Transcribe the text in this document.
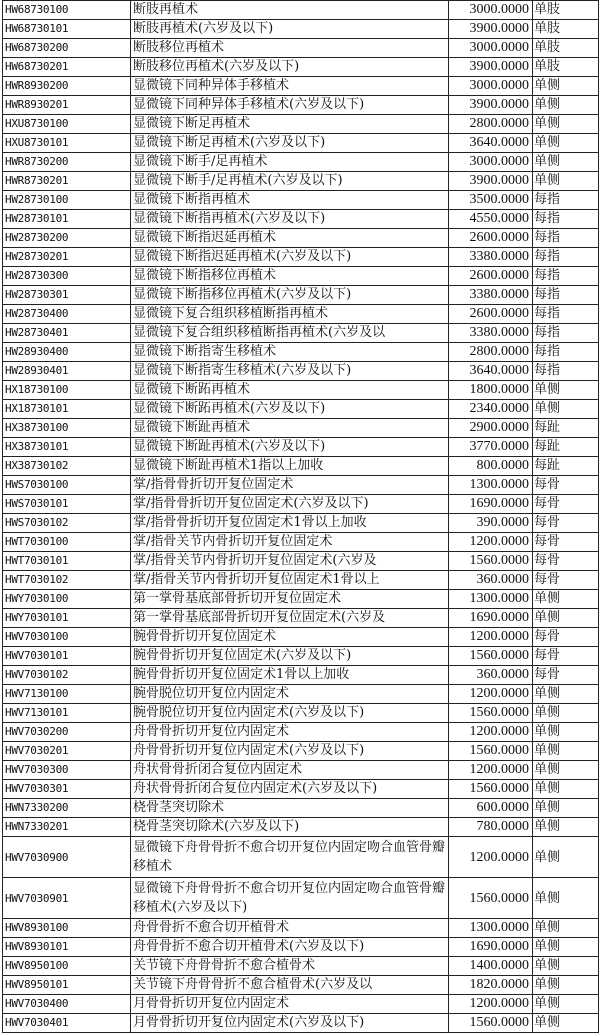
HW68730100	断肢再植术	3000.0000	单肢
HW68730101	断肢再植术(六岁及以下)	3900.0000	单肢
HW68730200	断肢移位再植术	3000.0000	单肢
HW68730201	断肢移位再植术(六岁及以下)	3900.0000	单肢
HWR8930200	显微镜下同种异体手移植术	3000.0000	单侧
HWR8930201	显微镜下同种异体手移植术(六岁及以下)	3900.0000	单侧
HXU8730100	显微镜下断足再植术	2800.0000	单侧
HXU8730101	显微镜下断足再植术(六岁及以下)	3640.0000	单侧
HWR8730200	显微镜下断手/足再植术	3000.0000	单侧
HWR8730201	显微镜下断手/足再植术(六岁及以下)	3900.0000	单侧
HW28730100	显微镜下断指再植术	3500.0000	每指
HW28730101	显微镜下断指再植术(六岁及以下)	4550.0000	每指
HW28730200	显微镜下断指迟延再植术	2600.0000	每指
HW28730201	显微镜下断指迟延再植术(六岁及以下)	3380.0000	每指
HW28730300	显微镜下断指移位再植术	2600.0000	每指
HW28730301	显微镜下断指移位再植术(六岁及以下)	3380.0000	每指
HW28730400	显微镜下复合组织移植断指再植术	2600.0000	每指
HW28730401	显微镜下复合组织移植断指再植术(六岁及以	3380.0000	每指
HW28930400	显微镜下断指寄生移植术	2800.0000	每指
HW28930401	显微镜下断指寄生移植术(六岁及以下)	3640.0000	每指
HX18730100	显微镜下断跖再植术	1800.0000	单侧
HX18730101	显微镜下断跖再植术(六岁及以下)	2340.0000	单侧
HX38730100	显微镜下断趾再植术	2900.0000	每趾
HX38730101	显微镜下断趾再植术(六岁及以下)	3770.0000	每趾
HX38730102	显微镜下断趾再植术1指以上加收	800.0000	每趾
HWS7030100	掌/指骨骨折切开复位固定术	1300.0000	每骨
HWS7030101	掌/指骨骨折切开复位固定术(六岁及以下)	1690.0000	每骨
HWS7030102	掌/指骨骨折切开复位固定术1骨以上加收	390.0000	每骨
HWT7030100	掌/指骨关节内骨折切开复位固定术	1200.0000	每骨
HWT7030101	掌/指骨关节内骨折切开复位固定术(六岁及	1560.0000	每骨
HWT7030102	掌/指骨关节内骨折切开复位固定术1骨以上	360.0000	每骨
HWY7030100	第一掌骨基底部骨折切开复位固定术	1300.0000	单侧
HWY7030101	第一掌骨基底部骨折切开复位固定术(六岁及	1690.0000	单侧
HWV7030100	腕骨骨折切开复位固定术	1200.0000	每骨
HWV7030101	腕骨骨折切开复位固定术(六岁及以下)	1560.0000	每骨
HWV7030102	腕骨骨折切开复位固定术1骨以上加收	360.0000	每骨
HWV7130100	腕骨脱位切开复位内固定术	1200.0000	单侧
HWV7130101	腕骨脱位切开复位内固定术(六岁及以下)	1560.0000	单侧
HWV7030200	舟骨骨折切开复位内固定术	1200.0000	单侧
HWV7030201	舟骨骨折切开复位内固定术(六岁及以下)	1560.0000	单侧
HWV7030300	舟状骨骨折闭合复位内固定术	1200.0000	单侧
HWV7030301	舟状骨骨折闭合复位内固定术(六岁及以下)	1560.0000	单侧
HWN7330200	桡骨茎突切除术	600.0000	单侧
HWN7330201	桡骨茎突切除术(六岁及以下)	780.0000	单侧
HWV7030900	显微镜下舟骨骨折不愈合切开复位内固定吻合血管骨瓣移植术	1200.0000	单侧
HWV7030901	显微镜下舟骨骨折不愈合切开复位内固定吻合血管骨瓣移植术(六岁及以下)	1560.0000	单侧
HWV8930100	舟骨骨折不愈合切开植骨术	1300.0000	单侧
HWV8930101	舟骨骨折不愈合切开植骨术(六岁及以下)	1690.0000	单侧
HWV8950100	关节镜下舟骨骨折不愈合植骨术	1400.0000	单侧
HWV8950101	关节镜下舟骨骨折不愈合植骨术(六岁及以	1820.0000	单侧
HWV7030400	月骨骨折切开复位内固定术	1200.0000	单侧
HWV7030401	月骨骨折切开复位内固定术(六岁及以下)	1560.0000	单侧
